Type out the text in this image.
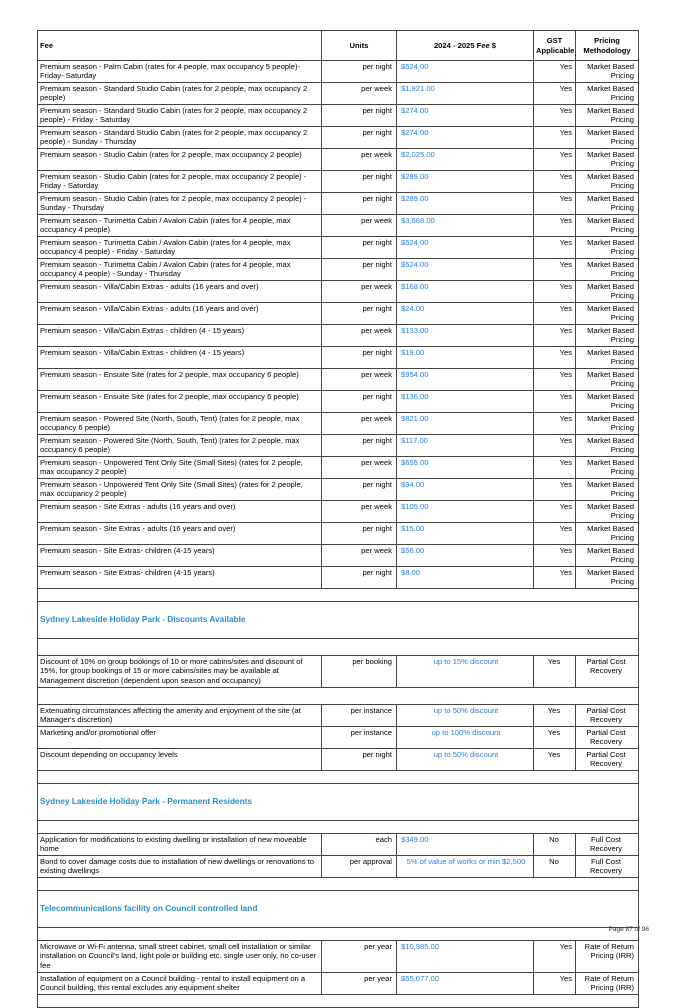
Fee	Units	2024 - 2025 Fee $	GST Applicable	Pricing Methodology
Premium season - Palm Cabin (rates for 4 people, max occupancy 5 people)- Friday- Saturday	per night	$524.00	Yes	Market Based Pricing
Premium season - Standard Studio Cabin (rates for 2 people, max occupancy 2 people)	per week	$1,921.00	Yes	Market Based Pricing
Premium season - Standard Studio Cabin (rates for 2 people, max occupancy 2 people) - Friday - Saturday	per night	$274.00	Yes	Market Based Pricing
Premium season - Standard Studio Cabin (rates for 2 people, max occupancy 2 people) - Sunday - Thursday	per night	$274.00	Yes	Market Based Pricing
Premium season - Studio Cabin (rates for 2 people, max occupancy 2 people)	per week	$2,025.00	Yes	Market Based Pricing
Premium season - Studio Cabin (rates for 2 people, max occupancy 2 people) - Friday - Saturday	per night	$289.00	Yes	Market Based Pricing
Premium season - Studio Cabin (rates for 2 people, max occupancy 2 people) - Sunday - Thursday	per night	$289.00	Yes	Market Based Pricing
Premium season - Turimetta Cabin / Avalon Cabin (rates for 4 people, max occupancy 4 people)	per week	$3,668.00	Yes	Market Based Pricing
Premium season - Turimetta Cabin / Avalon Cabin (rates for 4 people, max occupancy 4 people) - Friday - Saturday	per night	$524.00	Yes	Market Based Pricing
Premium season - Turimetta Cabin / Avalon Cabin (rates for 4 people, max occupancy 4 people) - Sunday - Thursday	per night	$524.00	Yes	Market Based Pricing
Premium season - Villa/Cabin Extras - adults (16 years and over)	per week	$168.00	Yes	Market Based Pricing
Premium season - Villa/Cabin Extras - adults (16 years and over)	per night	$24.00	Yes	Market Based Pricing
Premium season - Villa/Cabin Extras - children (4 - 15 years)	per week	$133.00	Yes	Market Based Pricing
Premium season - Villa/Cabin Extras - children (4 - 15 years)	per night	$19.00	Yes	Market Based Pricing
Premium season - Ensuite Site (rates for 2 people, max occupancy 6 people)	per week	$954.00	Yes	Market Based Pricing
Premium season - Ensuite Site (rates for 2 people, max occupancy 6 people)	per night	$136.00	Yes	Market Based Pricing
Premium season - Powered Site (North, South, Tent) (rates for 2 people, max occupancy 6 people)	per week	$821.00	Yes	Market Based Pricing
Premium season - Powered Site (North, South, Tent) (rates for 2 people, max occupancy 6 people)	per night	$117.00	Yes	Market Based Pricing
Premium season - Unpowered Tent Only Site (Small Sites) (rates for 2 people, max occupancy 2 people)	per week	$655.00	Yes	Market Based Pricing
Premium season - Unpowered Tent Only Site (Small Sites) (rates for 2 people, max occupancy 2 people)	per night	$94.00	Yes	Market Based Pricing
Premium season - Site Extras - adults (16 years and over)	per week	$105.00	Yes	Market Based Pricing
Premium season - Site Extras - adults (16 years and over)	per night	$15.00	Yes	Market Based Pricing
Premium season - Site Extras- children (4-15 years)	per week	$56.00	Yes	Market Based Pricing
Premium season - Site Extras- children (4-15 years)	per night	$8.00	Yes	Market Based Pricing

Sydney Lakeside Holiday Park - Discounts Available				

Discount of 10% on group bookings of 10 or more cabins/sites and discount of 15%, for group bookings of 15 or more cabins/sites may be available at Management discretion (dependent upon season and occupancy)	per booking	up to 15% discount	Yes	Partial Cost Recovery

Extenuating circumstances affecting the amenity and enjoyment of the site (at Manager's discretion)	per instance	up to 50% discount	Yes	Partial Cost Recovery
Marketing and/or promotional offer	per instance	up to 100% discount	Yes	Partial Cost Recovery
Discount depending on occupancy levels	per night	up to 50% discount	Yes	Partial Cost Recovery

Sydney Lakeside Holiday Park - Permanent Residents				

Application for modifications to existing dwelling or installation of new moveable home	each	$349.00	No	Full Cost Recovery
Bond to cover damage costs due to installation of new dwellings or renovations to existing dwellings	per approval	5% of value of works or min $2,500	No	Full Cost Recovery

Telecommunications facility on Council controlled land				

Microwave or Wi-Fi antenna, small street cabinet, small cell installation or similar installation on Council's land, light pole or building etc. single user only, no co-user fee	per year	$10,985.00	Yes	Rate of Return Pricing (IRR)
Installation of equipment on a Council building - rental to install equipment on a Council building, this rental excludes any equipment shelter	per year	$55,077.00	Yes	Rate of Return Pricing (IRR)

Page 87 of 96
